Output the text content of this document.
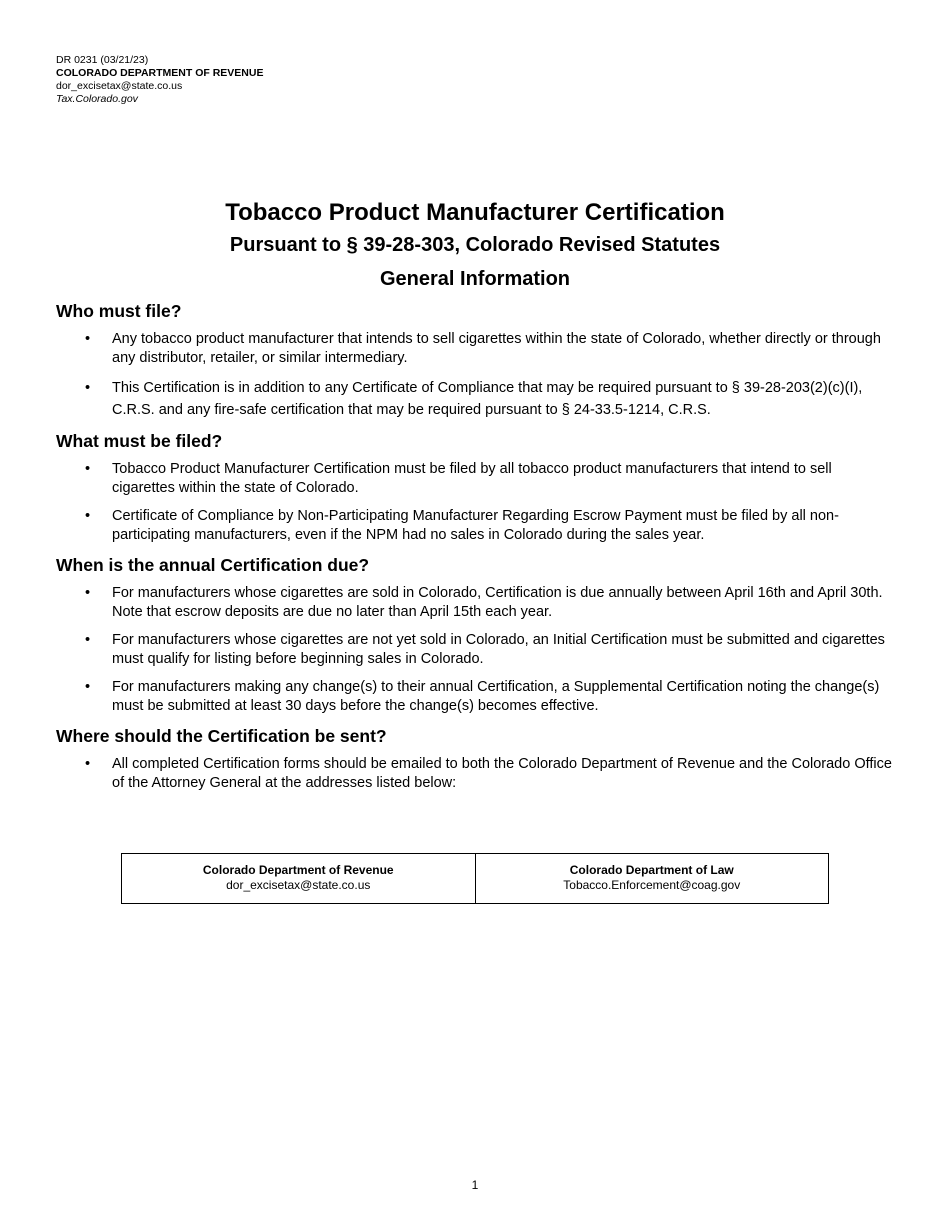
DR 0231 (03/21/23)
COLORADO DEPARTMENT OF REVENUE
dor_excisetax@state.co.us
Tax.Colorado.gov
Tobacco Product Manufacturer Certification
Pursuant to § 39-28-303, Colorado Revised Statutes
General Information
Who must file?
• Any tobacco product manufacturer that intends to sell cigarettes within the state of Colorado, whether directly or through any distributor, retailer, or similar intermediary.
• This Certification is in addition to any Certificate of Compliance that may be required pursuant to § 39-28-203(2)(c)(I), C.R.S. and any fire-safe certification that may be required pursuant to § 24-33.5-1214, C.R.S.
What must be filed?
• Tobacco Product Manufacturer Certification must be filed by all tobacco product manufacturers that intend to sell cigarettes within the state of Colorado.
• Certificate of Compliance by Non-Participating Manufacturer Regarding Escrow Payment must be filed by all non-participating manufacturers, even if the NPM had no sales in Colorado during the sales year.
When is the annual Certification due?
• For manufacturers whose cigarettes are sold in Colorado, Certification is due annually between April 16th and April 30th. Note that escrow deposits are due no later than April 15th each year.
• For manufacturers whose cigarettes are not yet sold in Colorado, an Initial Certification must be submitted and cigarettes must qualify for listing before beginning sales in Colorado.
• For manufacturers making any change(s) to their annual Certification, a Supplemental Certification noting the change(s) must be submitted at least 30 days before the change(s) becomes effective.
Where should the Certification be sent?
• All completed Certification forms should be emailed to both the Colorado Department of Revenue and the Colorado Office of the Attorney General at the addresses listed below:
Colorado Department of Revenue
dor_excisetax@state.co.us
Colorado Department of Law
Tobacco.Enforcement@coag.gov
1
